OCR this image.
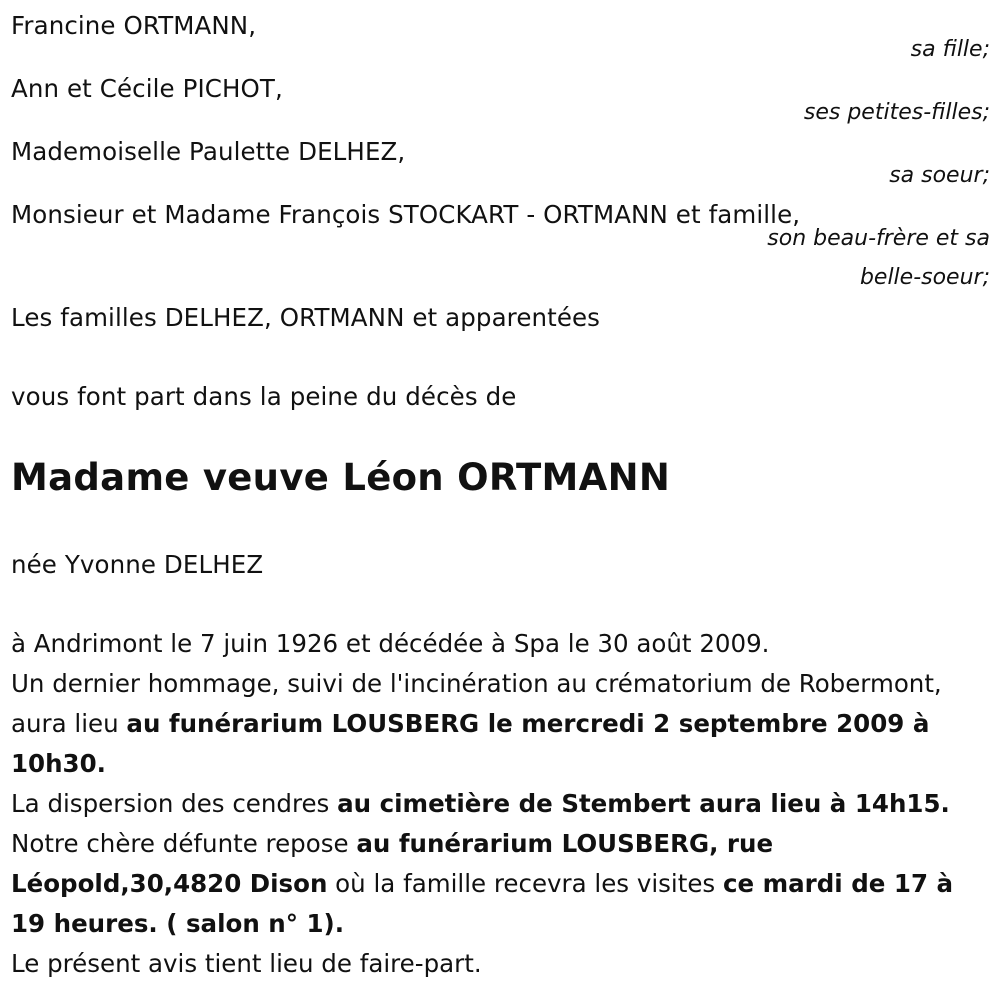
Francine ORTMANN,
sa fille;
Ann et Cécile PICHOT,
ses petites-filles;
Mademoiselle Paulette DELHEZ,
sa soeur;
Monsieur et Madame François STOCKART - ORTMANN et famille,
son beau-frère et sa
belle-soeur;
Les familles DELHEZ, ORTMANN et apparentées
vous font part dans la peine du décès de
Madame veuve Léon ORTMANN
née Yvonne DELHEZ
à Andrimont le 7 juin 1926 et décédée à Spa le 30 août 2009.
Un dernier hommage, suivi de l'incinération au crématorium de Robermont, aura lieu au funérarium LOUSBERG le mercredi 2 septembre 2009 à 10h30.
La dispersion des cendres au cimetière de Stembert aura lieu à 14h15.
Notre chère défunte repose au funérarium LOUSBERG, rue Léopold,30,4820 Dison où la famille recevra les visites ce mardi de 17 à 19 heures. ( salon n° 1).
Le présent avis tient lieu de faire-part.
